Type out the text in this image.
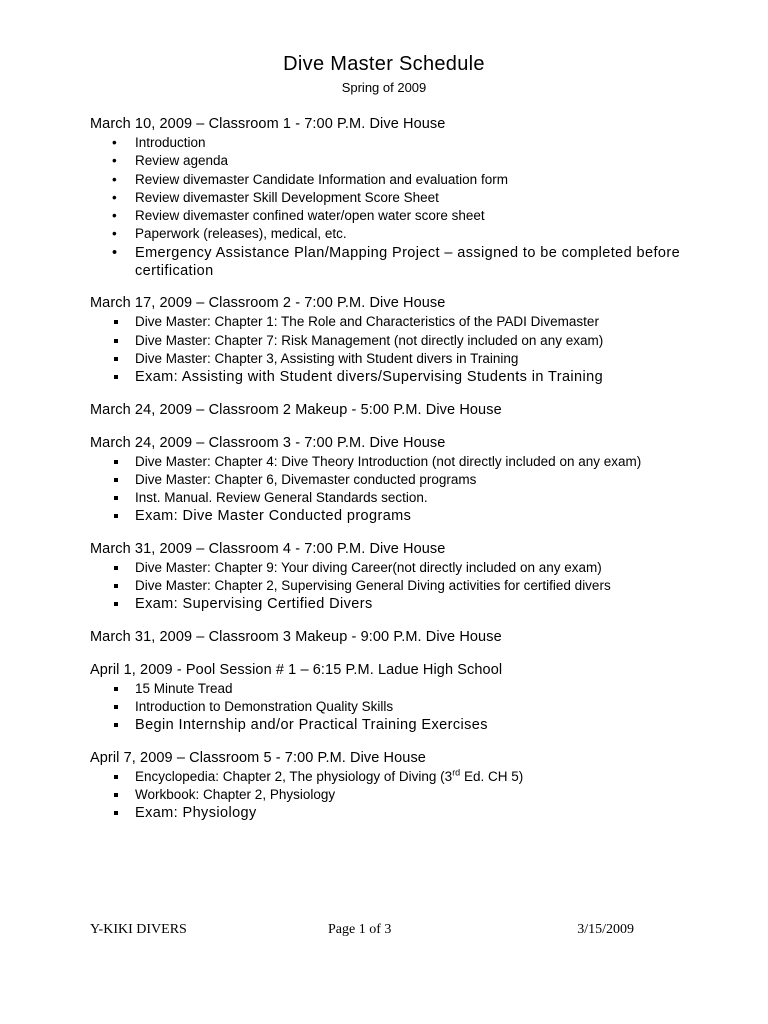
Dive Master Schedule
Spring of 2009
March 10, 2009 – Classroom 1 - 7:00 P.M. Dive House
• Introduction
• Review agenda
• Review divemaster Candidate Information and evaluation form
• Review divemaster Skill Development Score Sheet
• Review divemaster confined water/open water score sheet
• Paperwork (releases), medical, etc.
• Emergency Assistance Plan/Mapping Project – assigned to be completed before certification
March 17, 2009 – Classroom 2 - 7:00 P.M. Dive House
Dive Master: Chapter 1: The Role and Characteristics of the PADI Divemaster
Dive Master: Chapter 7: Risk Management (not directly included on any exam)
Dive Master: Chapter 3, Assisting with Student divers in Training
Exam: Assisting with Student divers/Supervising Students in Training
March 24, 2009 – Classroom 2 Makeup - 5:00 P.M. Dive House
March 24, 2009 – Classroom 3 - 7:00 P.M. Dive House
Dive Master: Chapter 4: Dive Theory Introduction (not directly included on any exam)
Dive Master: Chapter 6, Divemaster conducted programs
Inst. Manual. Review General Standards section.
Exam: Dive Master Conducted programs
March 31, 2009 – Classroom 4 - 7:00 P.M. Dive House
Dive Master: Chapter 9: Your diving Career(not directly included on any exam)
Dive Master: Chapter 2, Supervising General Diving activities for certified divers
Exam: Supervising Certified Divers
March 31, 2009 – Classroom 3 Makeup - 9:00 P.M. Dive House
April 1, 2009 - Pool Session # 1 – 6:15 P.M. Ladue High School
15 Minute Tread
Introduction to Demonstration Quality Skills
Begin Internship and/or Practical Training Exercises
April 7, 2009 – Classroom 5 - 7:00 P.M. Dive House
Encyclopedia: Chapter 2, The physiology of Diving (3rd Ed. CH 5)
Workbook: Chapter 2, Physiology
Exam: Physiology
Y-KIKI DIVERS	Page 1 of 3	3/15/2009
